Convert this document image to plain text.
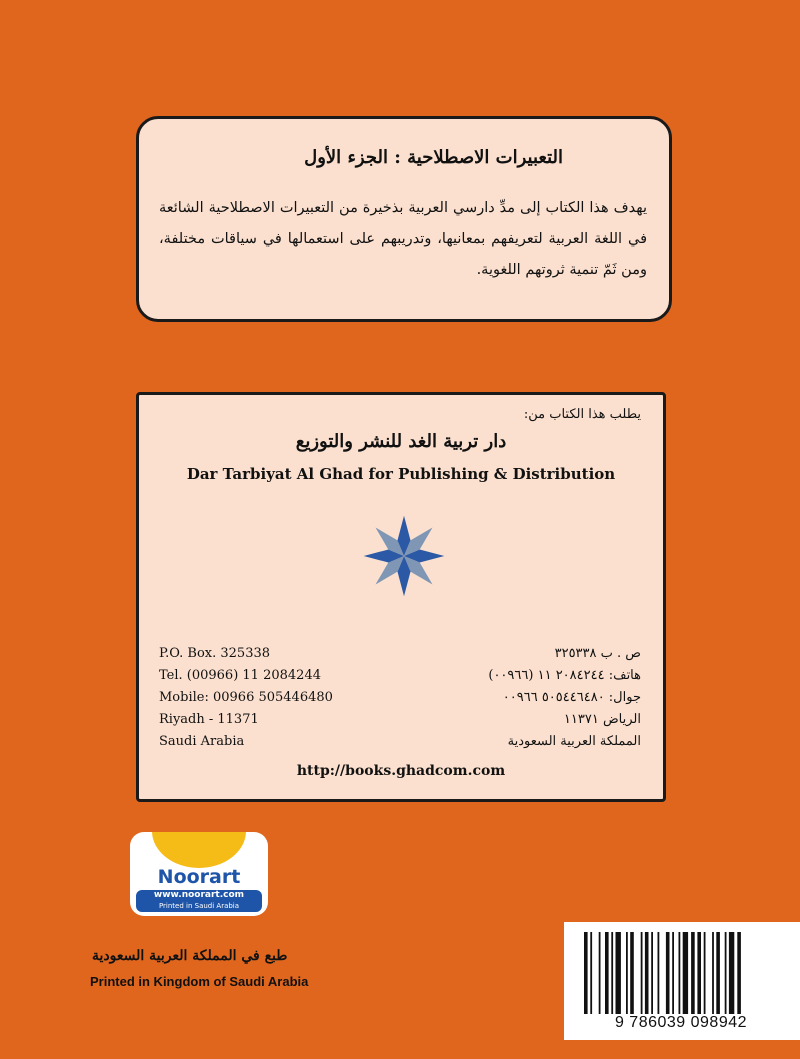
التعبيرات الاصطلاحية : الجزء الأول
يهدف هذا الكتاب إلى مدِّ دارسي العربية بذخيرة من التعبيرات الاصطلاحية الشائعة في اللغة العربية لتعريفهم بمعانيها، وتدريبهم على استعمالها في سياقات مختلفة، ومن ثَمّ تنمية ثروتهم اللغوية.
يطلب هذا الكتاب من:
دار تربية الغد للنشر والتوزيع
Dar Tarbiyat Al Ghad for Publishing & Distribution
P.O. Box. 325338
Tel. (00966) 11 2084244
Mobile: 00966 505446480
Riyadh - 11371
Saudi Arabia
ص . ب ٣٢٥٣٣٨
هاتف: ٢٠٨٤٢٤٤ ١١ (٠٠٩٦٦)
جوال: ٥٠٥٤٤٦٤٨٠ ٠٠٩٦٦
الرياض ١١٣٧١
المملكة العربية السعودية
http://books.ghadcom.com
Noorart
www.noorart.com
Printed in Saudi Arabia
طبع في المملكة العربية السعودية
Printed in Kingdom of Saudi Arabia
9 786039 098942
